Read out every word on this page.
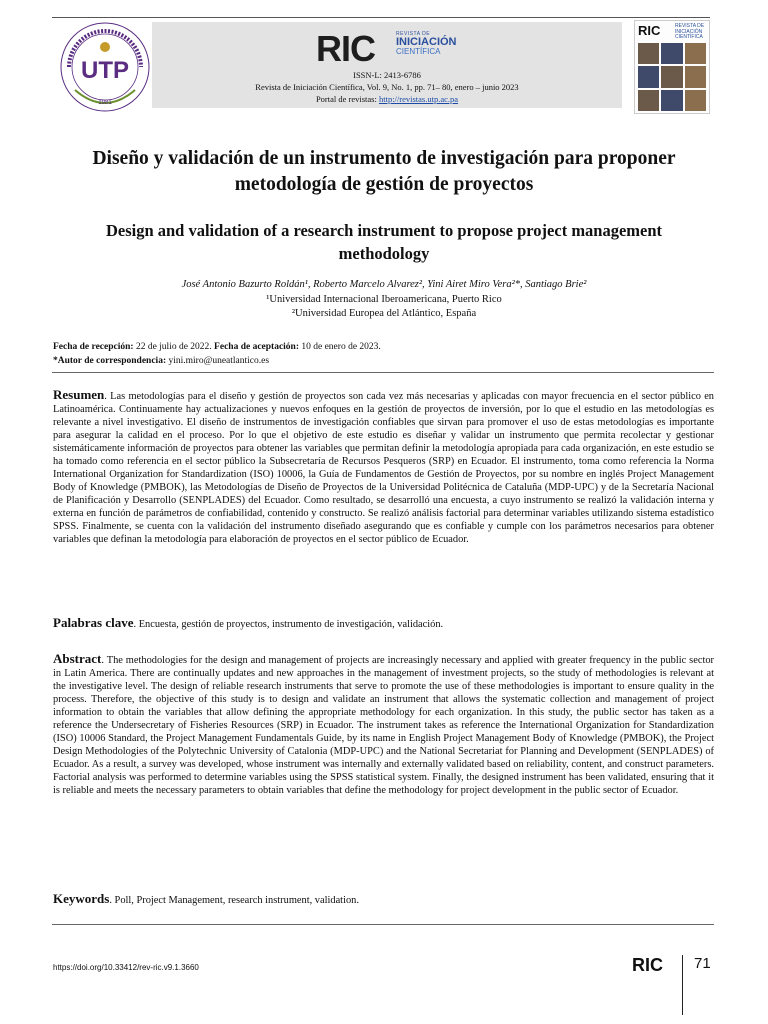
UTP
1981
RIC	REVISTA DE
INICIACIÓN
CIENTÍFICA
ISSN-L: 2413-6786
Revista de Iniciación Científica, Vol. 9, No. 1, pp. 71– 80, enero – junio 2023
Portal de revistas: http://revistas.utp.ac.pa
RIC	REVISTA DE INICIACIÓN CIENTÍFICA
Diseño y validación de un instrumento de investigación para proponer metodología de gestión de proyectos
Design and validation of a research instrument to propose project management methodology
José Antonio Bazurto Roldán¹, Roberto Marcelo Alvarez², Yini Airet Miro Vera²*, Santiago Brie²
¹Universidad Internacional Iberoamericana, Puerto Rico
²Universidad Europea del Atlántico, España
Fecha de recepción: 22 de julio de 2022. Fecha de aceptación: 10 de enero de 2023.
*Autor de correspondencia: yini.miro@uneatlantico.es

Resumen. Las metodologías para el diseño y gestión de proyectos son cada vez más necesarias y aplicadas con mayor frecuencia en el sector público en Latinoamérica. Continuamente hay actualizaciones y nuevos enfoques en la gestión de proyectos de inversión, por lo que el estudio en las metodologías es relevante a nivel investigativo. El diseño de instrumentos de investigación confiables que sirvan para promover el uso de estas metodologías es importante para asegurar la calidad en el proceso. Por lo que el objetivo de este estudio es diseñar y validar un instrumento que permita recolectar y gestionar sistemáticamente información de proyectos para obtener las variables que permitan definir la metodología apropiada para cada organización, en este estudio se ha tomado como referencia en el sector público la Subsecretaría de Recursos Pesqueros (SRP) en Ecuador. El instrumento, toma como referencia la Norma International Organization for Standardization (ISO) 10006, la Guía de Fundamentos de Gestión de Proyectos, por su nombre en inglés Project Management Body of Knowledge (PMBOK), las Metodologías de Diseño de Proyectos de la Universidad Politécnica de Cataluña (MDP-UPC) y de la Secretaría Nacional de Planificación y Desarrollo (SENPLADES) del Ecuador. Como resultado, se desarrolló una encuesta, a cuyo instrumento se realizó la validación interna y externa en función de parámetros de confiabilidad, contenido y constructo. Se realizó análisis factorial para determinar variables utilizando sistema estadístico SPSS. Finalmente, se cuenta con la validación del instrumento diseñado asegurando que es confiable y cumple con los parámetros necesarios para obtener variables que definan la metodología para elaboración de proyectos en el sector público de Ecuador.

Palabras clave. Encuesta, gestión de proyectos, instrumento de investigación, validación.

Abstract. The methodologies for the design and management of projects are increasingly necessary and applied with greater frequency in the public sector in Latin America. There are continually updates and new approaches in the management of investment projects, so the study of methodologies is relevant at the investigative level. The design of reliable research instruments that serve to promote the use of these methodologies is important to ensure quality in the process. Therefore, the objective of this study is to design and validate an instrument that allows the systematic collection and management of project information to obtain the variables that allow defining the appropriate methodology for each organization. In this study, the public sector has taken as a reference the Undersecretary of Fisheries Resources (SRP) in Ecuador. The instrument takes as reference the International Organization for Standardization (ISO) 10006 Standard, the Project Management Fundamentals Guide, by its name in English Project Management Body of Knowledge (PMBOK), the Project Design Methodologies of the Polytechnic University of Catalonia (MDP-UPC) and the National Secretariat for Planning and Development (SENPLADES) of Ecuador. As a result, a survey was developed, whose instrument was internally and externally validated based on reliability, content, and construct parameters. Factorial analysis was performed to determine variables using the SPSS statistical system. Finally, the designed instrument has been validated, ensuring that it is reliable and meets the necessary parameters to obtain variables that define the methodology for project development in the public sector of Ecuador.

Keywords. Poll, Project Management, research instrument, validation.

https://doi.org/10.33412/rev-ric.v9.1.3660	RIC 71
